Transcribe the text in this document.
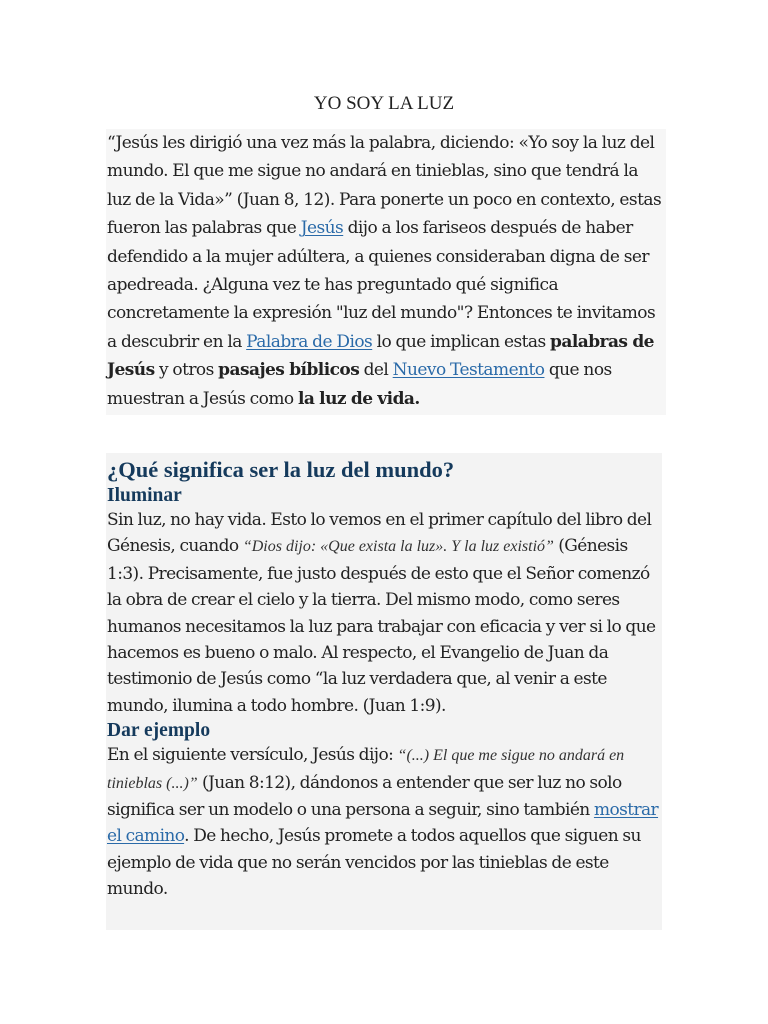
YO SOY LA LUZ
“Jesús les dirigió una vez más la palabra, diciendo: «Yo soy la luz del mundo. El que me sigue no andará en tinieblas, sino que tendrá la luz de la Vida»” (Juan 8, 12). Para ponerte un poco en contexto, estas fueron las palabras que Jesús dijo a los fariseos después de haber defendido a la mujer adúltera, a quienes consideraban digna de ser apedreada. ¿Alguna vez te has preguntado qué significa concretamente la expresión "luz del mundo"? Entonces te invitamos a descubrir en la Palabra de Dios lo que implican estas palabras de Jesús y otros pasajes bíblicos del Nuevo Testamento que nos muestran a Jesús como la luz de vida.
¿Qué significa ser la luz del mundo?
Iluminar

Sin luz, no hay vida. Esto lo vemos en el primer capítulo del libro del Génesis, cuando “Dios dijo: «Que exista la luz». Y la luz existió” (Génesis 1:3). Precisamente, fue justo después de esto que el Señor comenzó la obra de crear el cielo y la tierra. Del mismo modo, como seres humanos necesitamos la luz para trabajar con eficacia y ver si lo que hacemos es bueno o malo. Al respecto, el Evangelio de Juan da testimonio de Jesús como “la luz verdadera que, al venir a este mundo, ilumina a todo hombre. (Juan 1:9).

Dar ejemplo

En el siguiente versículo, Jesús dijo: “(...) El que me sigue no andará en tinieblas (...)” (Juan 8:12), dándonos a entender que ser luz no solo significa ser un modelo o una persona a seguir, sino también mostrar el camino. De hecho, Jesús promete a todos aquellos que siguen su ejemplo de vida que no serán vencidos por las tinieblas de este mundo.
